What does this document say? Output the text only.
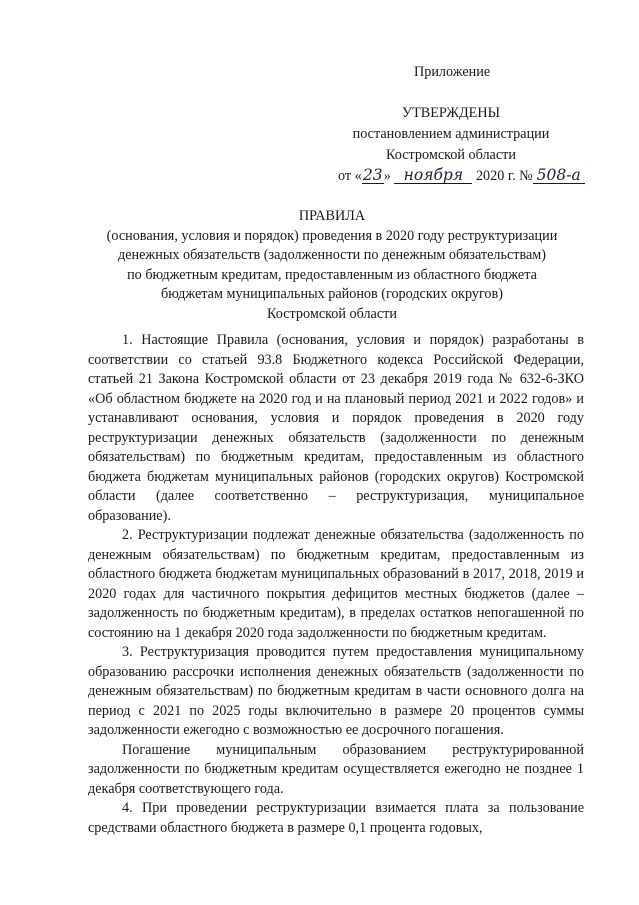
Приложение
УТВЕРЖДЕНЫ
постановлением администрации
Костромской области
от «23» ноября 2020 г. № 508-а
ПРАВИЛА
(основания, условия и порядок) проведения в 2020 году реструктуризации
денежных обязательств (задолженности по денежным обязательствам)
по бюджетным кредитам, предоставленным из областного бюджета
бюджетам муниципальных районов (городских округов)
Костромской области

1. Настоящие Правила (основания, условия и порядок) разработаны в соответствии со статьей 93.8 Бюджетного кодекса Российской Федерации, статьей 21 Закона Костромской области от 23 декабря 2019 года № 632-6-ЗКО «Об областном бюджете на 2020 год и на плановый период 2021 и 2022 годов» и устанавливают основания, условия и порядок проведения в 2020 году реструктуризации денежных обязательств (задолженности по денежным обязательствам) по бюджетным кредитам, предоставленным из областного бюджета бюджетам муниципальных районов (городских округов) Костромской области (далее соответственно – реструктуризация, муниципальное образование).

2. Реструктуризации подлежат денежные обязательства (задолженность по денежным обязательствам) по бюджетным кредитам, предоставленным из областного бюджета бюджетам муниципальных образований в 2017, 2018, 2019 и 2020 годах для частичного покрытия дефицитов местных бюджетов (далее – задолженность по бюджетным кредитам), в пределах остатков непогашенной по состоянию на 1 декабря 2020 года задолженности по бюджетным кредитам.

3. Реструктуризация проводится путем предоставления муниципальному образованию рассрочки исполнения денежных обязательств (задолженности по денежным обязательствам) по бюджетным кредитам в части основного долга на период с 2021 по 2025 годы включительно в размере 20 процентов суммы задолженности ежегодно с возможностью ее досрочного погашения.

Погашение муниципальным образованием реструктурированной задолженности по бюджетным кредитам осуществляется ежегодно не позднее 1 декабря соответствующего года.

4. При проведении реструктуризации взимается плата за пользование средствами областного бюджета в размере 0,1 процента годовых,
